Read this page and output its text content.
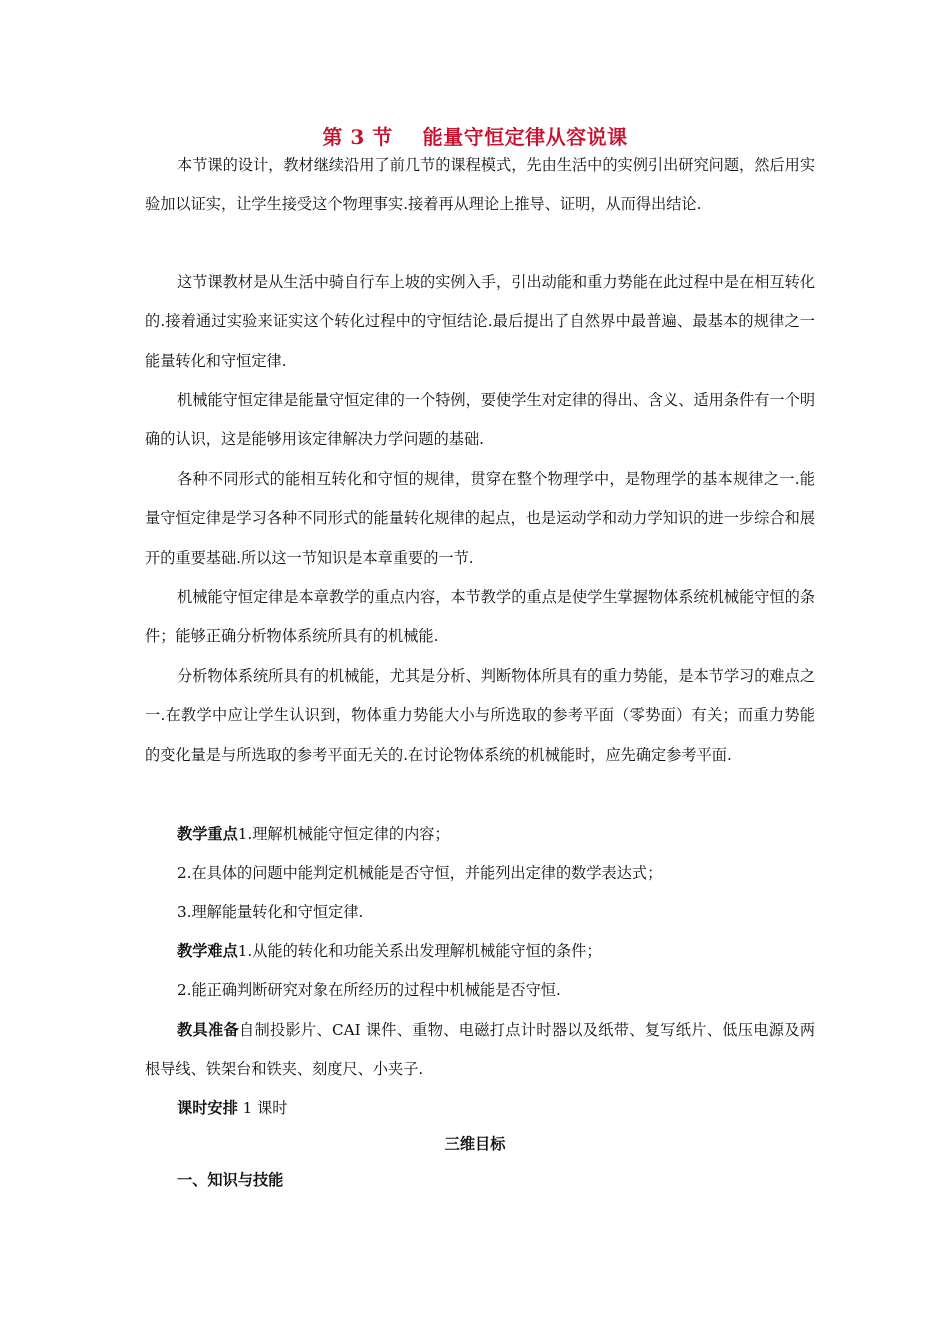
第 3 节    能量守恒定律从容说课

本节课的设计，教材继续沿用了前几节的课程模式，先由生活中的实例引出研究问题，然后用实验加以证实，让学生接受这个物理事实.接着再从理论上推导、证明，从而得出结论.

这节课教材是从生活中骑自行车上坡的实例入手，引出动能和重力势能在此过程中是在相互转化的.接着通过实验来证实这个转化过程中的守恒结论.最后提出了自然界中最普遍、最基本的规律之一能量转化和守恒定律.

机械能守恒定律是能量守恒定律的一个特例，要使学生对定律的得出、含义、适用条件有一个明确的认识，这是能够用该定律解决力学问题的基础.

各种不同形式的能相互转化和守恒的规律，贯穿在整个物理学中，是物理学的基本规律之一.能量守恒定律是学习各种不同形式的能量转化规律的起点，也是运动学和动力学知识的进一步综合和展开的重要基础.所以这一节知识是本章重要的一节.

机械能守恒定律是本章教学的重点内容，本节教学的重点是使学生掌握物体系统机械能守恒的条件；能够正确分析物体系统所具有的机械能.

分析物体系统所具有的机械能，尤其是分析、判断物体所具有的重力势能，是本节学习的难点之一.在教学中应让学生认识到，物体重力势能大小与所选取的参考平面（零势面）有关；而重力势能的变化量是与所选取的参考平面无关的.在讨论物体系统的机械能时，应先确定参考平面.

教学重点1.理解机械能守恒定律的内容；
2.在具体的问题中能判定机械能是否守恒，并能列出定律的数学表达式；
3.理解能量转化和守恒定律.
教学难点1.从能的转化和功能关系出发理解机械能守恒的条件；
2.能正确判断研究对象在所经历的过程中机械能是否守恒.

教具准备自制投影片、CAI 课件、重物、电磁打点计时器以及纸带、复写纸片、低压电源及两根导线、铁架台和铁夹、刻度尺、小夹子.

课时安排 1 课时
三维目标
一、知识与技能
